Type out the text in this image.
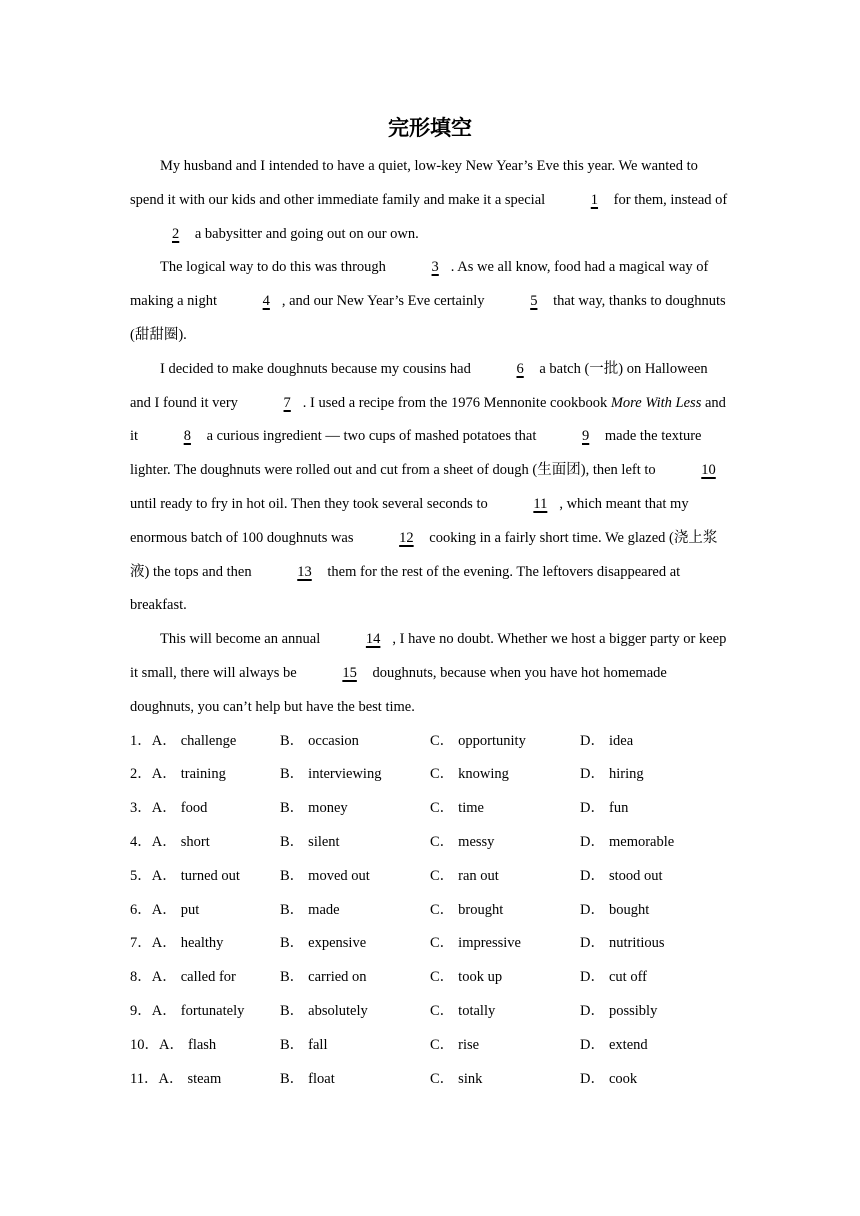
完形填空

My husband and I intended to have a quiet, low-key New Year’s Eve this year. We wanted to spend it with our kids and other immediate family and make it a special	1 for them, instead of 2 a babysitter and going out on our own.

The logical way to do this was through	3 . As we all know, food had a magical way of making a night	4 , and our New Year’s Eve certainly	5 that way, thanks to doughnuts (甜甜圈).

I decided to make doughnuts because my cousins had	6 a batch (一批) on Halloween and I found it very	7 . I used a recipe from the 1976 Mennonite cookbook More With Less and it	8 a curious ingredient — two cups of mashed potatoes that	9 made the texture lighter. The doughnuts were rolled out and cut from a sheet of dough (生面团), then left to	10 until ready to fry in hot oil. Then they took several seconds to	11 , which meant that my enormous batch of 100 doughnuts was	12 cooking in a fairly short time. We glazed (浇上浆液) the tops and then	13 them for the rest of the evening. The leftovers disappeared at breakfast.

This will become an annual	14 , I have no doubt. Whether we host a bigger party or keep it small, there will always be	15 doughnuts, because when you have hot homemade doughnuts, you can’t help but have the best time.

1． A． challenge	B． occasion	C． opportunity	D． idea
2． A． training	B． interviewing	C． knowing	D． hiring
3． A． food	B． money	C． time	D． fun
4． A． short	B． silent	C． messy	D． memorable
5． A． turned out	B． moved out	C． ran out	D． stood out
6． A． put	B． made	C． brought	D． bought
7． A． healthy	B． expensive	C． impressive	D． nutritious
8． A． called for	B． carried on	C． took up	D． cut off
9． A． fortunately B． absolutely	C． totally	D． possibly
10． A． flash	B． fall	C． rise	D． extend
11． A． steam	B． float	C． sink	D． cook
